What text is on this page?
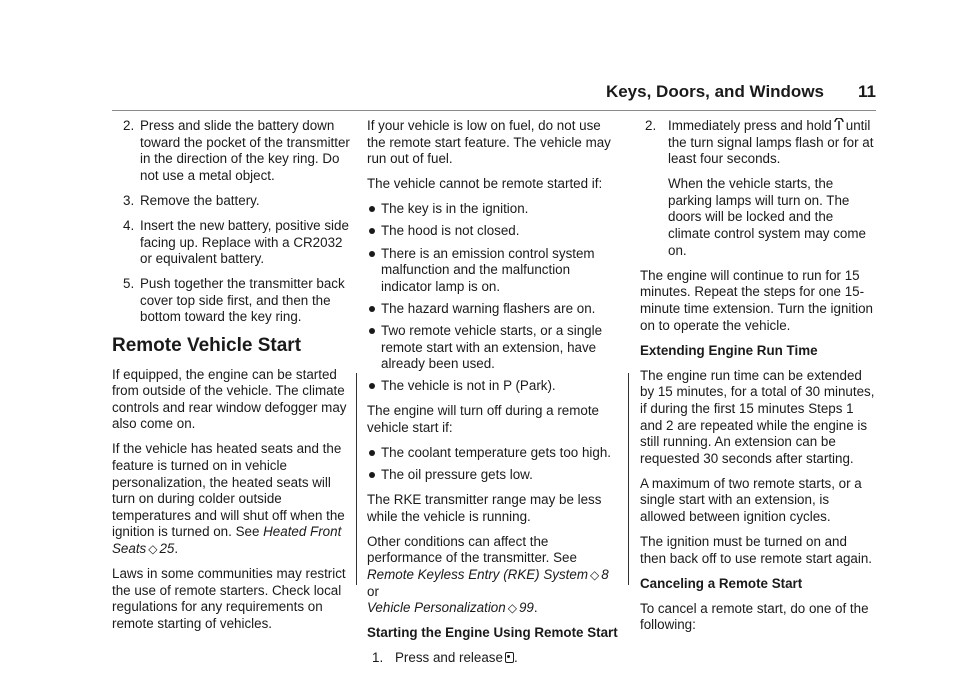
Keys, Doors, and Windows 11
2. Press and slide the battery down toward the pocket of the transmitter in the direction of the key ring. Do not use a metal object.
3. Remove the battery.
4. Insert the new battery, positive side facing up. Replace with a CR2032 or equivalent battery.
5. Push together the transmitter back cover top side first, and then the bottom toward the key ring.
Remote Vehicle Start

If equipped, the engine can be started from outside of the vehicle. The climate controls and rear window defogger may also come on.

If the vehicle has heated seats and the feature is turned on in vehicle personalization, the heated seats will turn on during colder outside temperatures and will shut off when the ignition is turned on. See Heated Front Seats ◇ 25.

Laws in some communities may restrict the use of remote starters. Check local regulations for any requirements on remote starting of vehicles.

If your vehicle is low on fuel, do not use the remote start feature. The vehicle may run out of fuel.

The vehicle cannot be remote started if:

The key is in the ignition.
The hood is not closed.
There is an emission control system malfunction and the malfunction indicator lamp is on.
The hazard warning flashers are on.
Two remote vehicle starts, or a single remote start with an extension, have already been used.
The vehicle is not in P (Park).

The engine will turn off during a remote vehicle start if:

The coolant temperature gets too high.
The oil pressure gets low.

The RKE transmitter range may be less while the vehicle is running.

Other conditions can affect the performance of the transmitter. See Remote Keyless Entry (RKE) System ◇ 8 or
Vehicle Personalization ◇ 99.

Starting the Engine Using Remote Start

1. Press and release .
2. Immediately press and hold until the turn signal lamps flash or for at least four seconds.

When the vehicle starts, the parking lamps will turn on. The doors will be locked and the climate control system may come on.

The engine will continue to run for 15 minutes. Repeat the steps for one 15-minute time extension. Turn the ignition on to operate the vehicle.

Extending Engine Run Time

The engine run time can be extended by 15 minutes, for a total of 30 minutes, if during the first 15 minutes Steps 1 and 2 are repeated while the engine is still running. An extension can be requested 30 seconds after starting.

A maximum of two remote starts, or a single start with an extension, is allowed between ignition cycles.

The ignition must be turned on and then back off to use remote start again.

Canceling a Remote Start

To cancel a remote start, do one of the following:
